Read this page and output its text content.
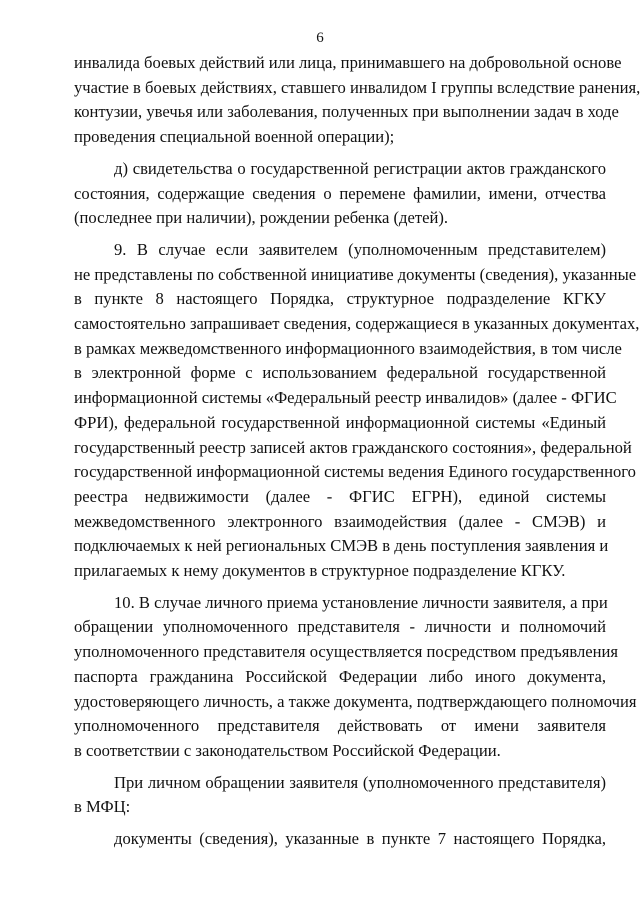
6
инвалида боевых действий или лица, принимавшего на добровольной основе
участие в боевых действиях, ставшего инвалидом I группы вследствие ранения,
контузии, увечья или заболевания, полученных при выполнении задач в ходе
проведения специальной военной операции);
д) свидетельства о государственной регистрации актов гражданского
состояния, содержащие сведения о перемене фамилии, имени, отчества
(последнее при наличии), рождении ребенка (детей).
9. В случае если заявителем (уполномоченным представителем)
не представлены по собственной инициативе документы (сведения), указанные
в пункте 8 настоящего Порядка, структурное подразделение КГКУ
самостоятельно запрашивает сведения, содержащиеся в указанных документах,
в рамках межведомственного информационного взаимодействия, в том числе
в электронной форме с использованием федеральной государственной
информационной системы «Федеральный реестр инвалидов» (далее - ФГИС
ФРИ), федеральной государственной информационной системы «Единый
государственный реестр записей актов гражданского состояния», федеральной
государственной информационной системы ведения Единого государственного
реестра недвижимости (далее - ФГИС ЕГРН), единой системы
межведомственного электронного взаимодействия (далее - СМЭВ) и
подключаемых к ней региональных СМЭВ в день поступления заявления и
прилагаемых к нему документов в структурное подразделение КГКУ.
10. В случае личного приема установление личности заявителя, а при
обращении уполномоченного представителя - личности и полномочий
уполномоченного представителя осуществляется посредством предъявления
паспорта гражданина Российской Федерации либо иного документа,
удостоверяющего личность, а также документа, подтверждающего полномочия
уполномоченного представителя действовать от имени заявителя
в соответствии с законодательством Российской Федерации.
При личном обращении заявителя (уполномоченного представителя)
в МФЦ:
документы (сведения), указанные в пункте 7 настоящего Порядка,
